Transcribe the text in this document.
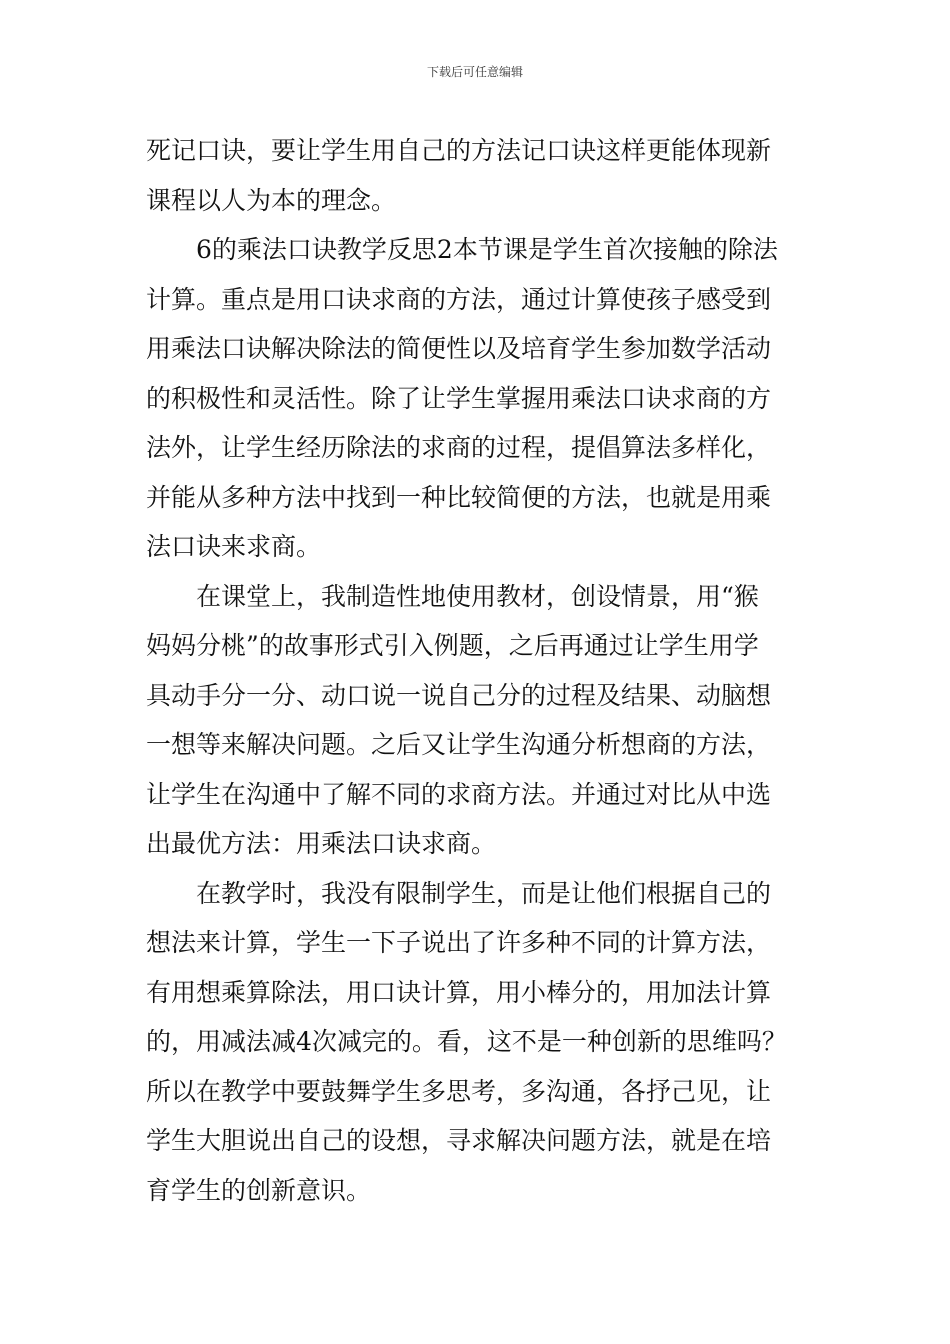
下载后可任意编辑
死记口诀，要让学生用自己的方法记口诀这样更能体现新
课程以人为本的理念。
　　6的乘法口诀教学反思2本节课是学生首次接触的除法
计算。重点是用口诀求商的方法，通过计算使孩子感受到
用乘法口诀解决除法的简便性以及培育学生参加数学活动
的积极性和灵活性。除了让学生掌握用乘法口诀求商的方
法外，让学生经历除法的求商的过程，提倡算法多样化，
并能从多种方法中找到一种比较简便的方法，也就是用乘
法口诀来求商。
　　在课堂上，我制造性地使用教材，创设情景，用“猴
妈妈分桃”的故事形式引入例题，之后再通过让学生用学
具动手分一分、动口说一说自己分的过程及结果、动脑想
一想等来解决问题。之后又让学生沟通分析想商的方法，
让学生在沟通中了解不同的求商方法。并通过对比从中选
出最优方法：用乘法口诀求商。
　　在教学时，我没有限制学生，而是让他们根据自己的
想法来计算，学生一下子说出了许多种不同的计算方法，
有用想乘算除法，用口诀计算，用小棒分的，用加法计算
的，用减法减4次减完的。看，这不是一种创新的思维吗？
所以在教学中要鼓舞学生多思考，多沟通，各抒己见，让
学生大胆说出自己的设想，寻求解决问题方法，就是在培
育学生的创新意识。
